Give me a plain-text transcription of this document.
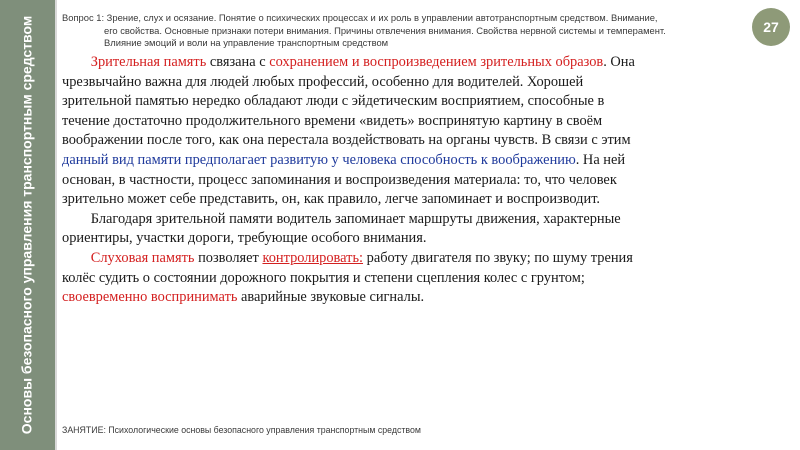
Основы безопасного управления транспортным средством	Вопрос 1: Зрение, слух и осязание. Понятие о психических процессах и их роль в управлении автотранспортным средством. Внимание,
его свойства. Основные признаки потери внимания. Причины отвлечения внимания. Свойства нервной системы и темперамент.
Влияние эмоций и воли на управление транспортным средством
27

Зрительная память связана с сохранением и воспроизведением зрительных образов. Она

чрезвычайно важна для людей любых профессий, особенно для водителей. Хорошей

зрительной памятью нередко обладают люди с эйдетическим восприятием, способные в

течение достаточно продолжительного времени «видеть» воспринятую картину в своём

воображении после того, как она перестала воздействовать на органы чувств. В связи с этим

данный вид памяти предполагает развитую у человека способность к воображению. На ней

основан, в частности, процесс запоминания и воспроизведения материала: то, что человек

зрительно может себе представить, он, как правило, легче запоминает и воспроизводит.

Благодаря зрительной памяти водитель запоминает маршруты движения, характерные

ориентиры, участки дороги, требующие особого внимания.

Слуховая память позволяет контролировать: работу двигателя по звуку; по шуму трения

колёс судить о состоянии дорожного покрытия и степени сцепления колес с грунтом;

своевременно воспринимать аварийные звуковые сигналы.

ЗАНЯТИЕ: Психологические основы безопасного управления транспортным средством
